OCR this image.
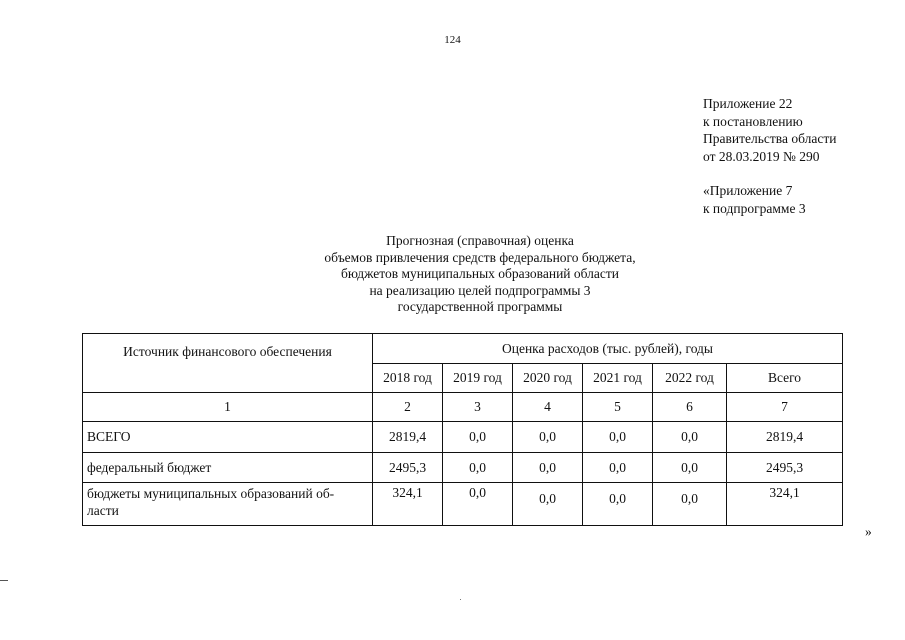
124
Приложение 22
к постановлению
Правительства области
от 28.03.2019 № 290
«Приложение 7
к подпрограмме 3
Прогнозная (справочная) оценка
объемов привлечения средств федерального бюджета,
бюджетов муниципальных образований области
на реализацию целей подпрограммы 3
государственной программы
Источник финансового обеспечения	Оценка расходов (тыс. рублей), годы					
	2018 год	2019 год	2020 год	2021 год	2022 год	Всего
1	2	3	4	5	6	7
ВСЕГО	2819,4	0,0	0,0	0,0	0,0	2819,4
федеральный бюджет	2495,3	0,0	0,0	0,0	0,0	2495,3

бюджеты муниципальных образований об-
ласти	324,1	0,0	0,0	0,0	0,0	324,1
»
